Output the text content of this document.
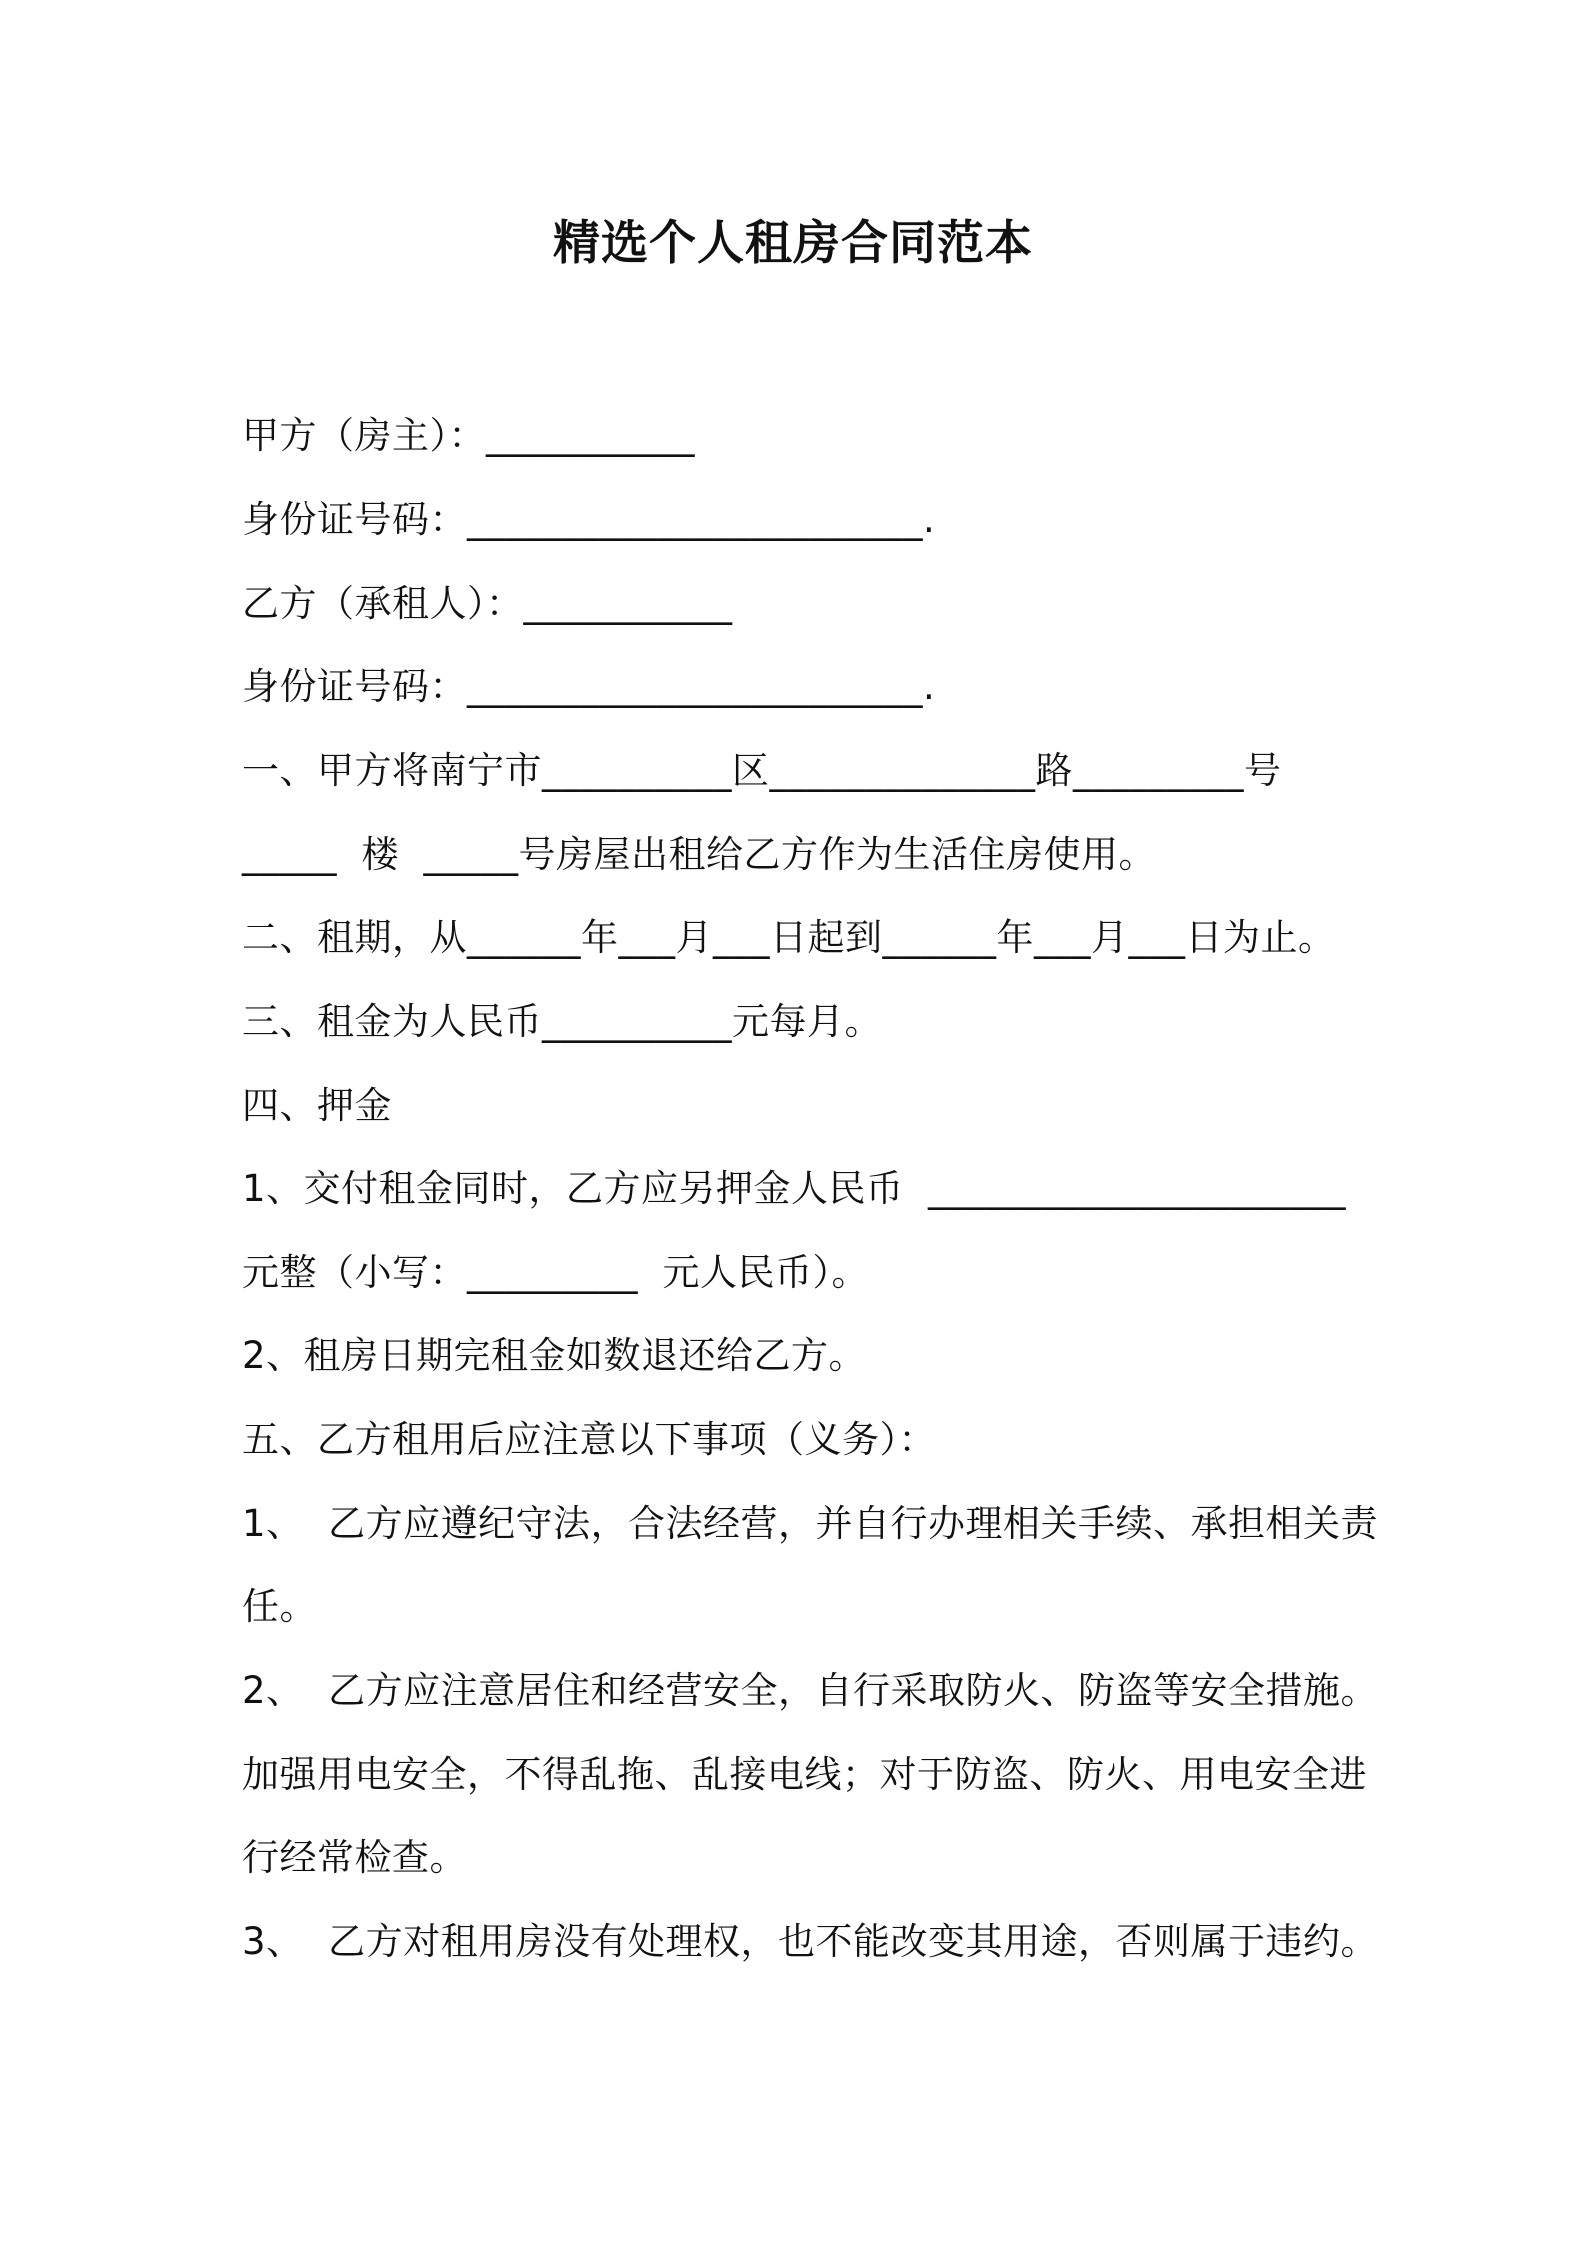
精选个人租房合同范本
甲方（房主）：___________
身份证号码：________________________.
乙方（承租人）：___________
身份证号码：________________________.
一、甲方将南宁市__________区______________路_________号
_____  楼  _____号房屋出租给乙方作为生活住房使用。
二、租期，从______年___月___日起到______年___月___日为止。
三、租金为人民币__________元每月。
四、押金
1、交付租金同时，乙方应另押金人民币  ______________________
元整（小写：_________  元人民币）。
2、租房日期完租金如数退还给乙方。
五、乙方租用后应注意以下事项（义务）：
1、  乙方应遵纪守法，合法经营，并自行办理相关手续、承担相关责
任。
2、  乙方应注意居住和经营安全，自行采取防火、防盗等安全措施。
加强用电安全，不得乱拖、乱接电线；对于防盗、防火、用电安全进
行经常检查。
3、  乙方对租用房没有处理权，也不能改变其用途，否则属于违约。
